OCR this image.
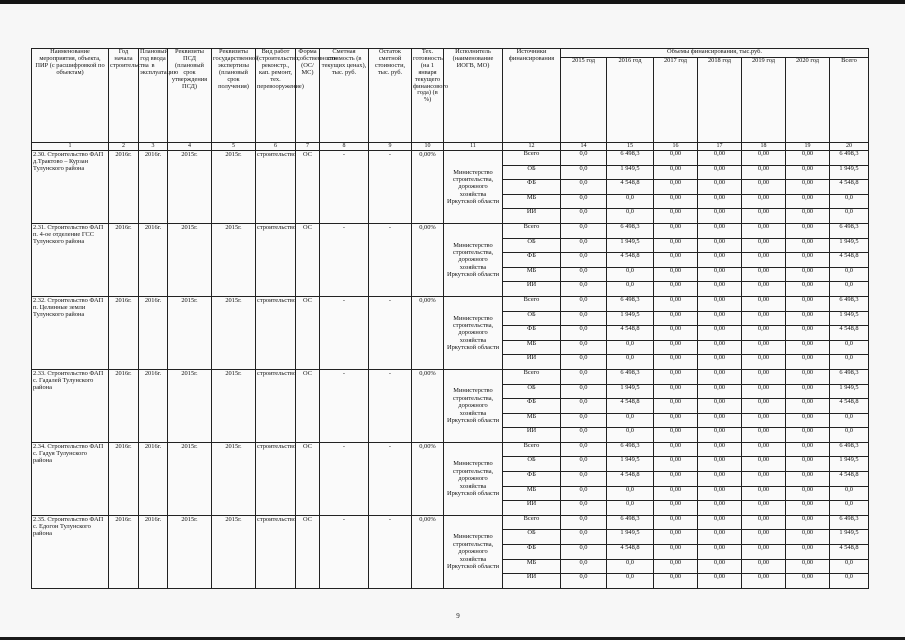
Наименование мероприятия, объекта, ПИР (с расшифровкой по объектам)	Год начала строительства	Плановый год ввода в эксплуатацию	Реквизиты ПСД (плановый срок утверждения ПСД)	Реквизиты государственной экспертизы (плановый срок получения)	Вид работ (строительство, реконстр., кап. ремонт, тех. перевооружение)	Форма собственности (ОС/МС)	Сметная стоимость (в текущих ценах), тыс. руб.	Остаток сметной стоимости, тыс. руб.	Тех. готовность (на 1 января текущего финансового года) (в %)	Исполнитель (наименование ИОГВ, МО)	Источники финансирования	Объемы финансирования, тыс.руб.						
												2015 год	2016 год	2017 год	2018 год	2019 год	2020 год	Всего
1	2	3	4	5	6	7	8	9	10	11	12	14	15	16	17	18	19	20
2.30. Строительство ФАП д.Трактово – Курзан Тулунского района	2016г.	2016г.	2015г.	2015г.	строительство	ОС	-	-	0,00%	Министерство строительства, дорожного хозяйства Иркутской области	Всего	0,0	6 498,3	0,00	0,00	0,00	0,00	6 498,3
											ОБ	0,0	1 949,5	0,00	0,00	0,00	0,00	1 949,5
											ФБ	0,0	4 548,8	0,00	0,00	0,00	0,00	4 548,8
											МБ	0,0	0,0	0,00	0,00	0,00	0,00	0,0
											ИИ	0,0	0,0	0,00	0,00	0,00	0,00	0,0
2.31. Строительство ФАП п. 4-ое отделение ГСС Тулунского района	2016г.	2016г.	2015г.	2015г.	строительство	ОС	-	-	0,00%	Министерство строительства, дорожного хозяйства Иркутской области	Всего	0,0	6 498,3	0,00	0,00	0,00	0,00	6 498,3
											ОБ	0,0	1 949,5	0,00	0,00	0,00	0,00	1 949,5
											ФБ	0,0	4 548,8	0,00	0,00	0,00	0,00	4 548,8
											МБ	0,0	0,0	0,00	0,00	0,00	0,00	0,0
											ИИ	0,0	0,0	0,00	0,00	0,00	0,00	0,0
2.32. Строительство ФАП п. Целинные земли Тулунского района	2016г.	2016г.	2015г.	2015г.	строительство	ОС	-	-	0,00%	Министерство строительства, дорожного хозяйства Иркутской области	Всего	0,0	6 498,3	0,00	0,00	0,00	0,00	6 498,3
											ОБ	0,0	1 949,5	0,00	0,00	0,00	0,00	1 949,5
											ФБ	0,0	4 548,8	0,00	0,00	0,00	0,00	4 548,8
											МБ	0,0	0,0	0,00	0,00	0,00	0,00	0,0
											ИИ	0,0	0,0	0,00	0,00	0,00	0,00	0,0
2.33. Строительство ФАП с. Гадалей Тулунского района	2016г.	2016г.	2015г.	2015г.	строительство	ОС	-	-	0,00%	Министерство строительства, дорожного хозяйства Иркутской области	Всего	0,0	6 498,3	0,00	0,00	0,00	0,00	6 498,3
											ОБ	0,0	1 949,5	0,00	0,00	0,00	0,00	1 949,5
											ФБ	0,0	4 548,8	0,00	0,00	0,00	0,00	4 548,8
											МБ	0,0	0,0	0,00	0,00	0,00	0,00	0,0
											ИИ	0,0	0,0	0,00	0,00	0,00	0,00	0,0
2.34. Строительство ФАП с. Гадуя Тулунского района	2016г.	2016г.	2015г.	2015г.	строительство	ОС	-	-	0,00%	Министерство строительства, дорожного хозяйства Иркутской области	Всего	0,0	6 498,3	0,00	0,00	0,00	0,00	6 498,3
											ОБ	0,0	1 949,5	0,00	0,00	0,00	0,00	1 949,5
											ФБ	0,0	4 548,8	0,00	0,00	0,00	0,00	4 548,8
											МБ	0,0	0,0	0,00	0,00	0,00	0,00	0,0
											ИИ	0,0	0,0	0,00	0,00	0,00	0,00	0,0
2.35. Строительство ФАП с. Едогон Тулунского района	2016г.	2016г.	2015г.	2015г.	строительство	ОС	-	-	0,00%	Министерство строительства, дорожного хозяйства Иркутской области	Всего	0,0	6 498,3	0,00	0,00	0,00	0,00	6 498,3
											ОБ	0,0	1 949,5	0,00	0,00	0,00	0,00	1 949,5
											ФБ	0,0	4 548,8	0,00	0,00	0,00	0,00	4 548,8
											МБ	0,0	0,0	0,00	0,00	0,00	0,00	0,0
											ИИ	0,0	0,0	0,00	0,00	0,00	0,00	0,0
9
